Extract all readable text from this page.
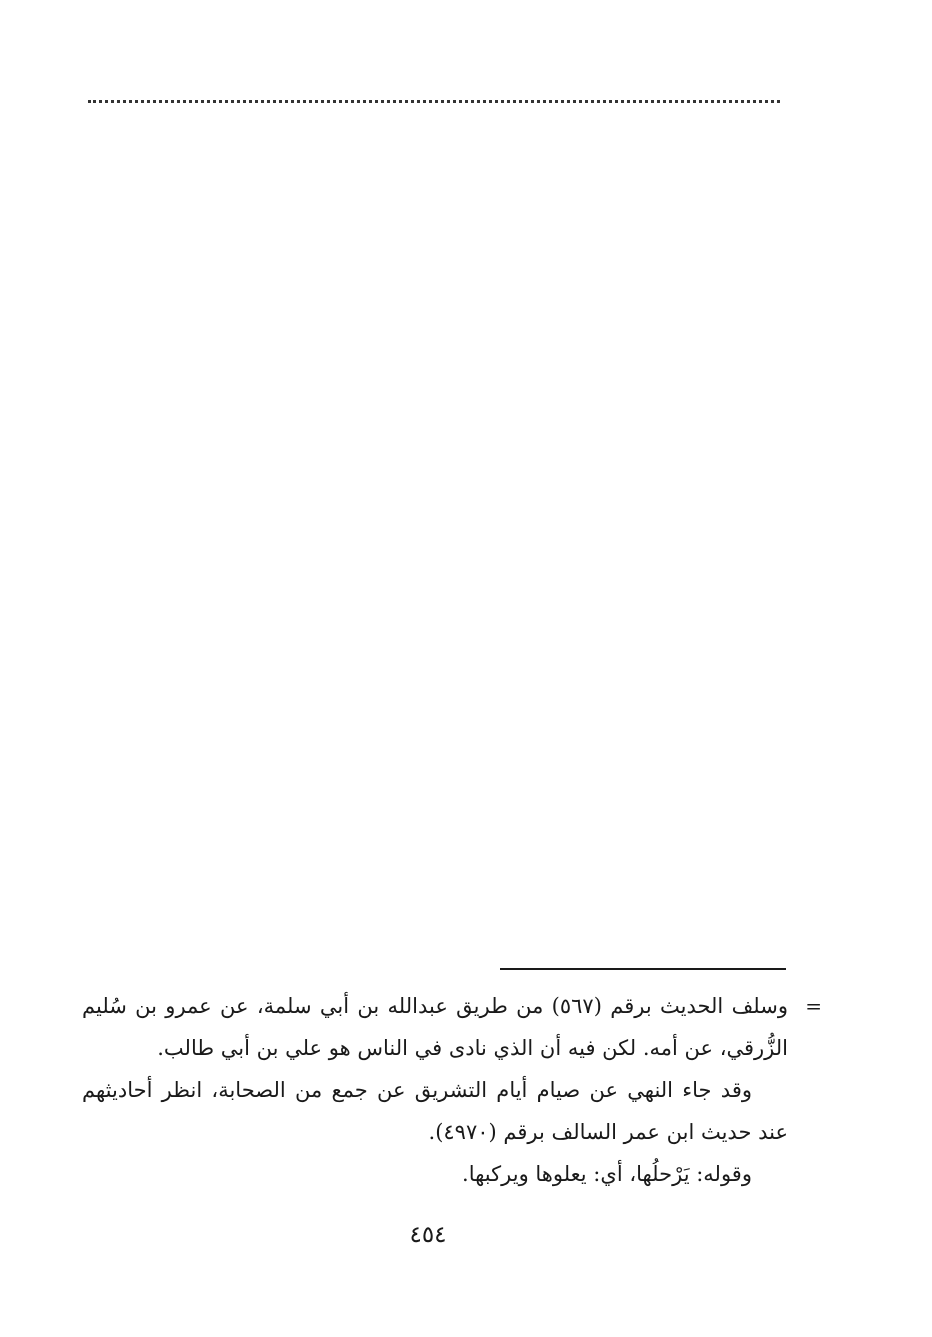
=
وسلف الحديث برقم (٥٦٧) من طريق عبدالله بن أبي سلمة، عن عمرو بن سُليم الزُّرقي، عن أمه. لكن فيه أن الذي نادى في الناس هو علي بن أبي طالب.

وقد جاء النهي عن صيام أيام التشريق عن جمع من الصحابة، انظر أحاديثهم عند حديث ابن عمر السالف برقم (٤٩٧٠).

وقوله: يَرْحلُها، أي: يعلوها ويركبها.

٤٥٤
